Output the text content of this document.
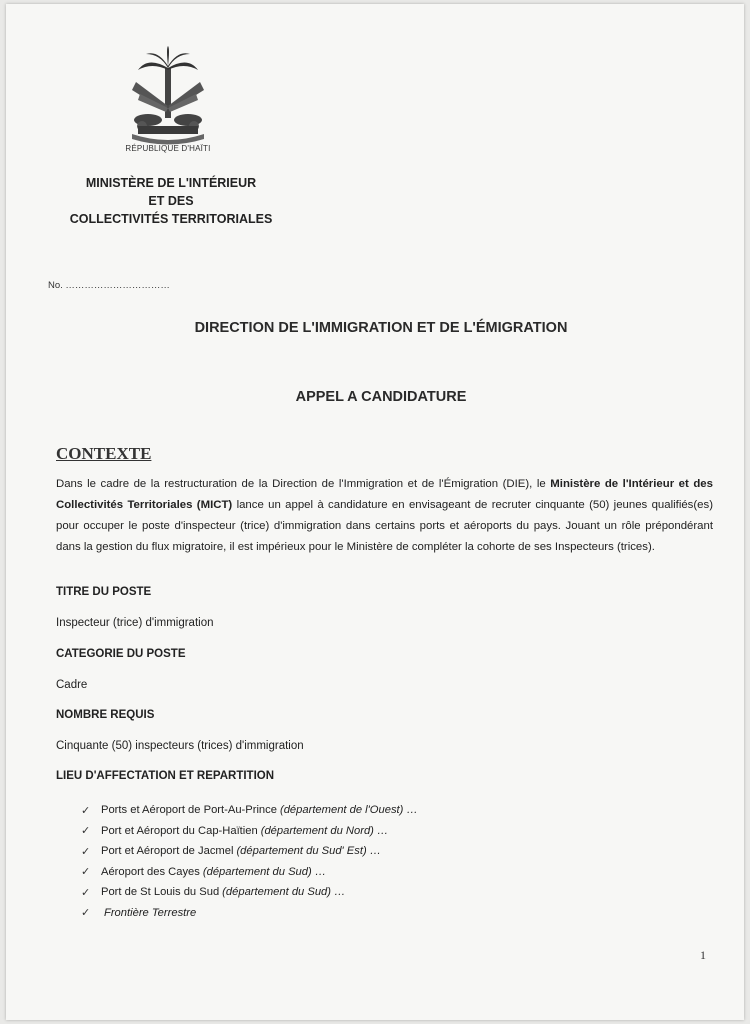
RÉPUBLIQUE D'HAÏTI
MINISTÈRE DE L'INTÉRIEUR
ET DES
COLLECTIVITÉS TERRITORIALES
No. ……………………………
DIRECTION DE L'IMMIGRATION ET DE L'ÉMIGRATION
APPEL A CANDIDATURE
CONTEXTE
Dans le cadre de la restructuration de la Direction de l'Immigration et de l'Émigration (DIE), le Ministère de l'Intérieur et des Collectivités Territoriales (MICT) lance un appel à candidature en envisageant de recruter cinquante (50) jeunes qualifiés(es) pour occuper le poste d'inspecteur (trice) d'immigration dans certains ports et aéroports du pays. Jouant un rôle prépondérant dans la gestion du flux migratoire, il est impérieux pour le Ministère de compléter la cohorte de ses Inspecteurs (trices).
TITRE DU POSTE
Inspecteur (trice) d'immigration
CATEGORIE DU POSTE
Cadre
NOMBRE REQUIS
Cinquante (50) inspecteurs (trices) d'immigration
LIEU D'AFFECTATION ET REPARTITION
✓ Ports et Aéroport de Port-Au-Prince (département de l'Ouest) …
✓ Port et Aéroport du Cap-Haïtien (département du Nord) …
✓ Port et Aéroport de Jacmel (département du Sud' Est) …
✓ Aéroport des Cayes (département du Sud) …
✓ Port de St Louis du Sud (département du Sud) …
✓	Frontière Terrestre
1
